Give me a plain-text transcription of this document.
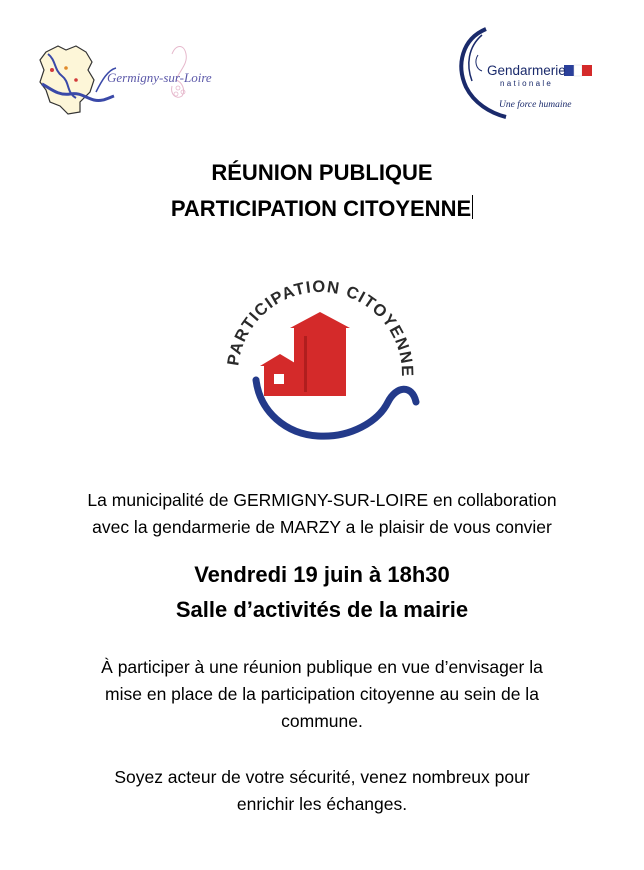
Germigny-sur-Loire	Gendarmerie
nationale
Une force humaine
RÉUNION PUBLIQUE
PARTICIPATION CITOYENNE
PARTICIPATION CITOYENNE
La municipalité de GERMIGNY-SUR-LOIRE en collaboration
avec la gendarmerie de MARZY a le plaisir de vous convier
Vendredi 19 juin à 18h30
Salle d’activités de la mairie
À participer à une réunion publique en vue d’envisager la
mise en place de la participation citoyenne au sein de la
commune.
Soyez acteur de votre sécurité, venez nombreux pour
enrichir les échanges.
